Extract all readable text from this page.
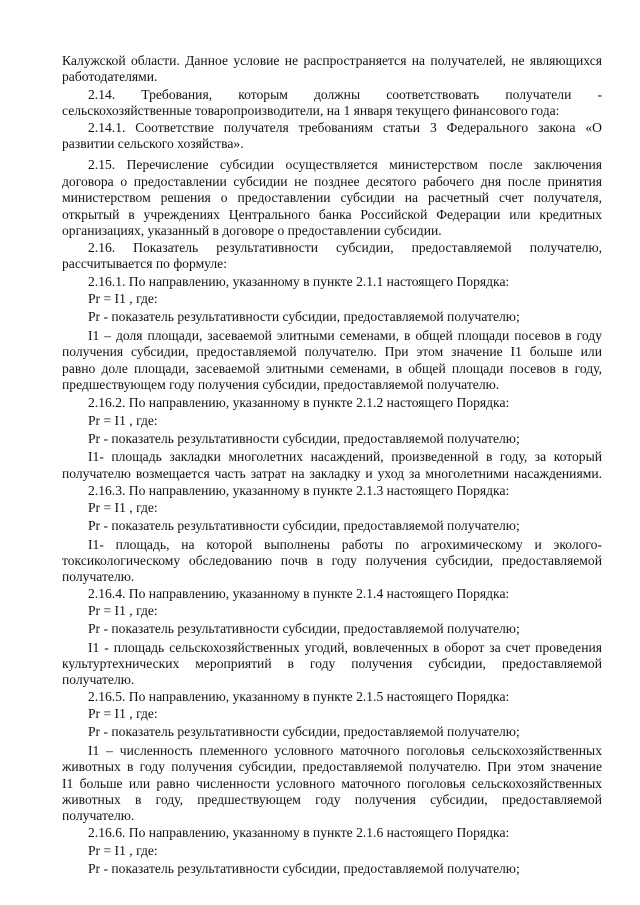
Калужской области. Данное условие не распространяется на получателей, не являющихся
работодателями.
2.14. Требования, которым должны соответствовать получатели -
сельскохозяйственные товаропроизводители, на 1 января текущего финансового года:
2.14.1. Соответствие получателя требованиям статьи 3 Федерального закона «О
развитии сельского хозяйства».
2.15. Перечисление субсидии осуществляется министерством после заключения
договора о предоставлении субсидии не позднее десятого рабочего дня после принятия
министерством решения о предоставлении субсидии на расчетный счет получателя,
открытый в учреждениях Центрального банка Российской Федерации или кредитных
организациях, указанный в договоре о предоставлении субсидии.
2.16. Показатель результативности субсидии, предоставляемой получателю,
рассчитывается по формуле:
2.16.1. По направлению, указанному в пункте 2.1.1 настоящего Порядка:
Pr = I1 , где:
Pr - показатель результативности субсидии, предоставляемой получателю;
I1 – доля площади, засеваемой элитными семенами, в общей площади посевов в году
получения субсидии, предоставляемой получателю. При этом значение I1 больше или
равно доле площади, засеваемой элитными семенами, в общей площади посевов в году,
предшествующем году получения субсидии, предоставляемой получателю.
2.16.2. По направлению, указанному в пункте 2.1.2 настоящего Порядка:
Pr = I1 , где:
Pr - показатель результативности субсидии, предоставляемой получателю;
I1- площадь закладки многолетних насаждений, произведенной в году, за который
получателю возмещается часть затрат на закладку и уход за многолетними насаждениями.
2.16.3. По направлению, указанному в пункте 2.1.3 настоящего Порядка:
Pr = I1 , где:
Pr - показатель результативности субсидии, предоставляемой получателю;
I1- площадь, на которой выполнены работы по агрохимическому и эколого-
токсикологическому обследованию почв в году получения субсидии, предоставляемой
получателю.
2.16.4. По направлению, указанному в пункте 2.1.4 настоящего Порядка:
Pr = I1 , где:
Pr - показатель результативности субсидии, предоставляемой получателю;
I1 - площадь сельскохозяйственных угодий, вовлеченных в оборот за счет проведения
культуртехнических мероприятий в году получения субсидии, предоставляемой
получателю.
2.16.5. По направлению, указанному в пункте 2.1.5 настоящего Порядка:
Pr = I1 , где:
Pr - показатель результативности субсидии, предоставляемой получателю;
I1 – численность племенного условного маточного поголовья сельскохозяйственных
животных в году получения субсидии, предоставляемой получателю. При этом значение
I1 больше или равно численности условного маточного поголовья сельскохозяйственных
животных в году, предшествующем году получения субсидии, предоставляемой
получателю.
2.16.6. По направлению, указанному в пункте 2.1.6 настоящего Порядка:
Pr = I1 , где:
Pr - показатель результативности субсидии, предоставляемой получателю;
